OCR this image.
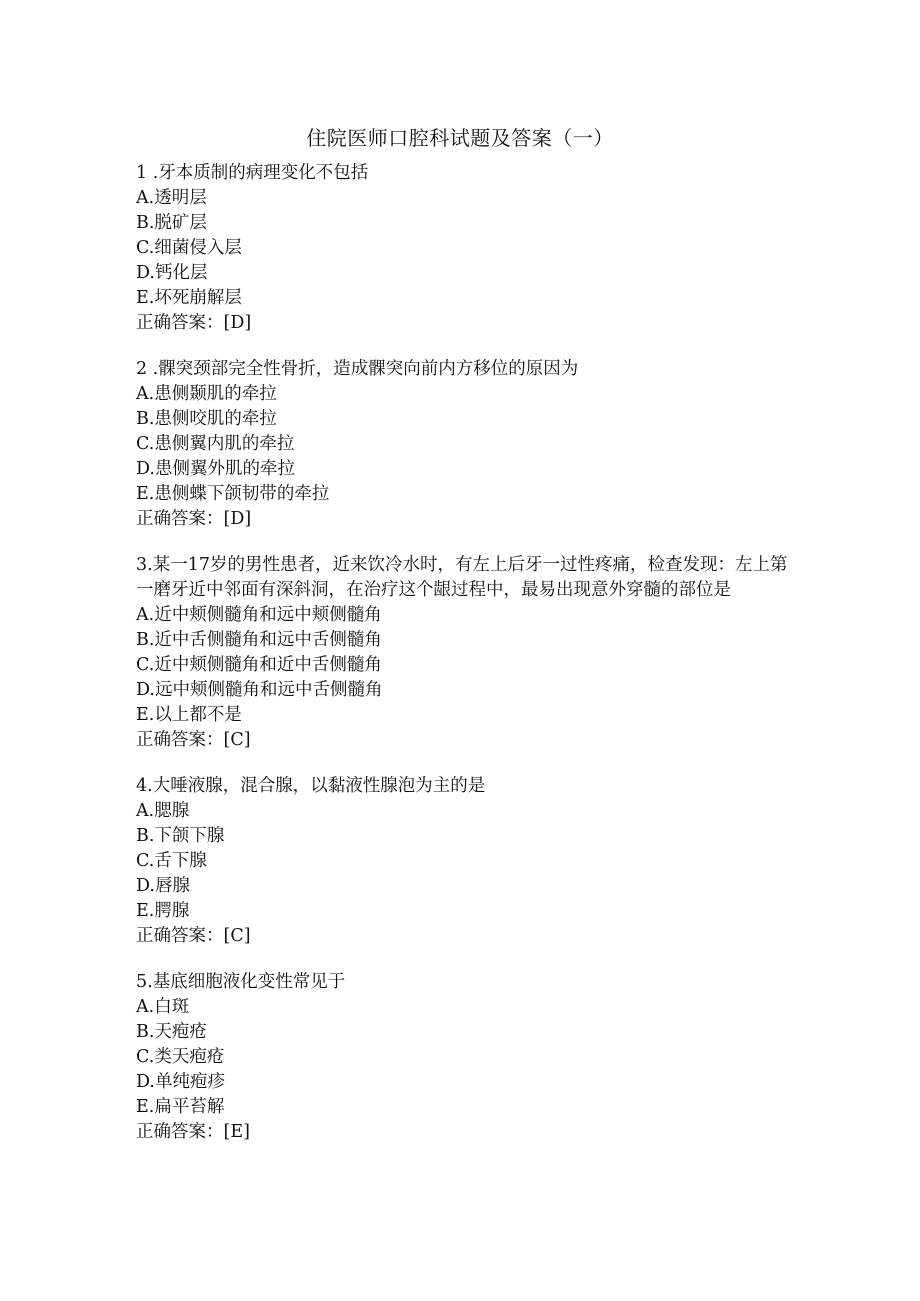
住院医师口腔科试题及答案（一）
1 .牙本质制的病理变化不包括
A.透明层
B.脱矿层
C.细菌侵入层
D.钙化层
E.坏死崩解层
正确答案：[D]
2 .髁突颈部完全性骨折，造成髁突向前内方移位的原因为
A.患侧颞肌的牵拉
B.患侧咬肌的牵拉
C.患侧翼内肌的牵拉
D.患侧翼外肌的牵拉
E.患侧蝶下颌韧带的牵拉
正确答案：[D]
3.某一17岁的男性患者，近来饮冷水时，有左上后牙一过性疼痛，检查发现：左上第一磨牙近中邻面有深斜洞，在治疗这个龈过程中，最易出现意外穿髓的部位是
A.近中颊侧髓角和远中颊侧髓角
B.近中舌侧髓角和远中舌侧髓角
C.近中颊侧髓角和近中舌侧髓角
D.远中颊侧髓角和远中舌侧髓角
E.以上都不是
正确答案：[C]
4.大唾液腺，混合腺，以黏液性腺泡为主的是
A.腮腺
B.下颌下腺
C.舌下腺
D.唇腺
E.腭腺
正确答案：[C]
5.基底细胞液化变性常见于
A.白斑
B.天疱疮
C.类天疱疮
D.单纯疱疹
E.扁平苔解
正确答案：[E]
